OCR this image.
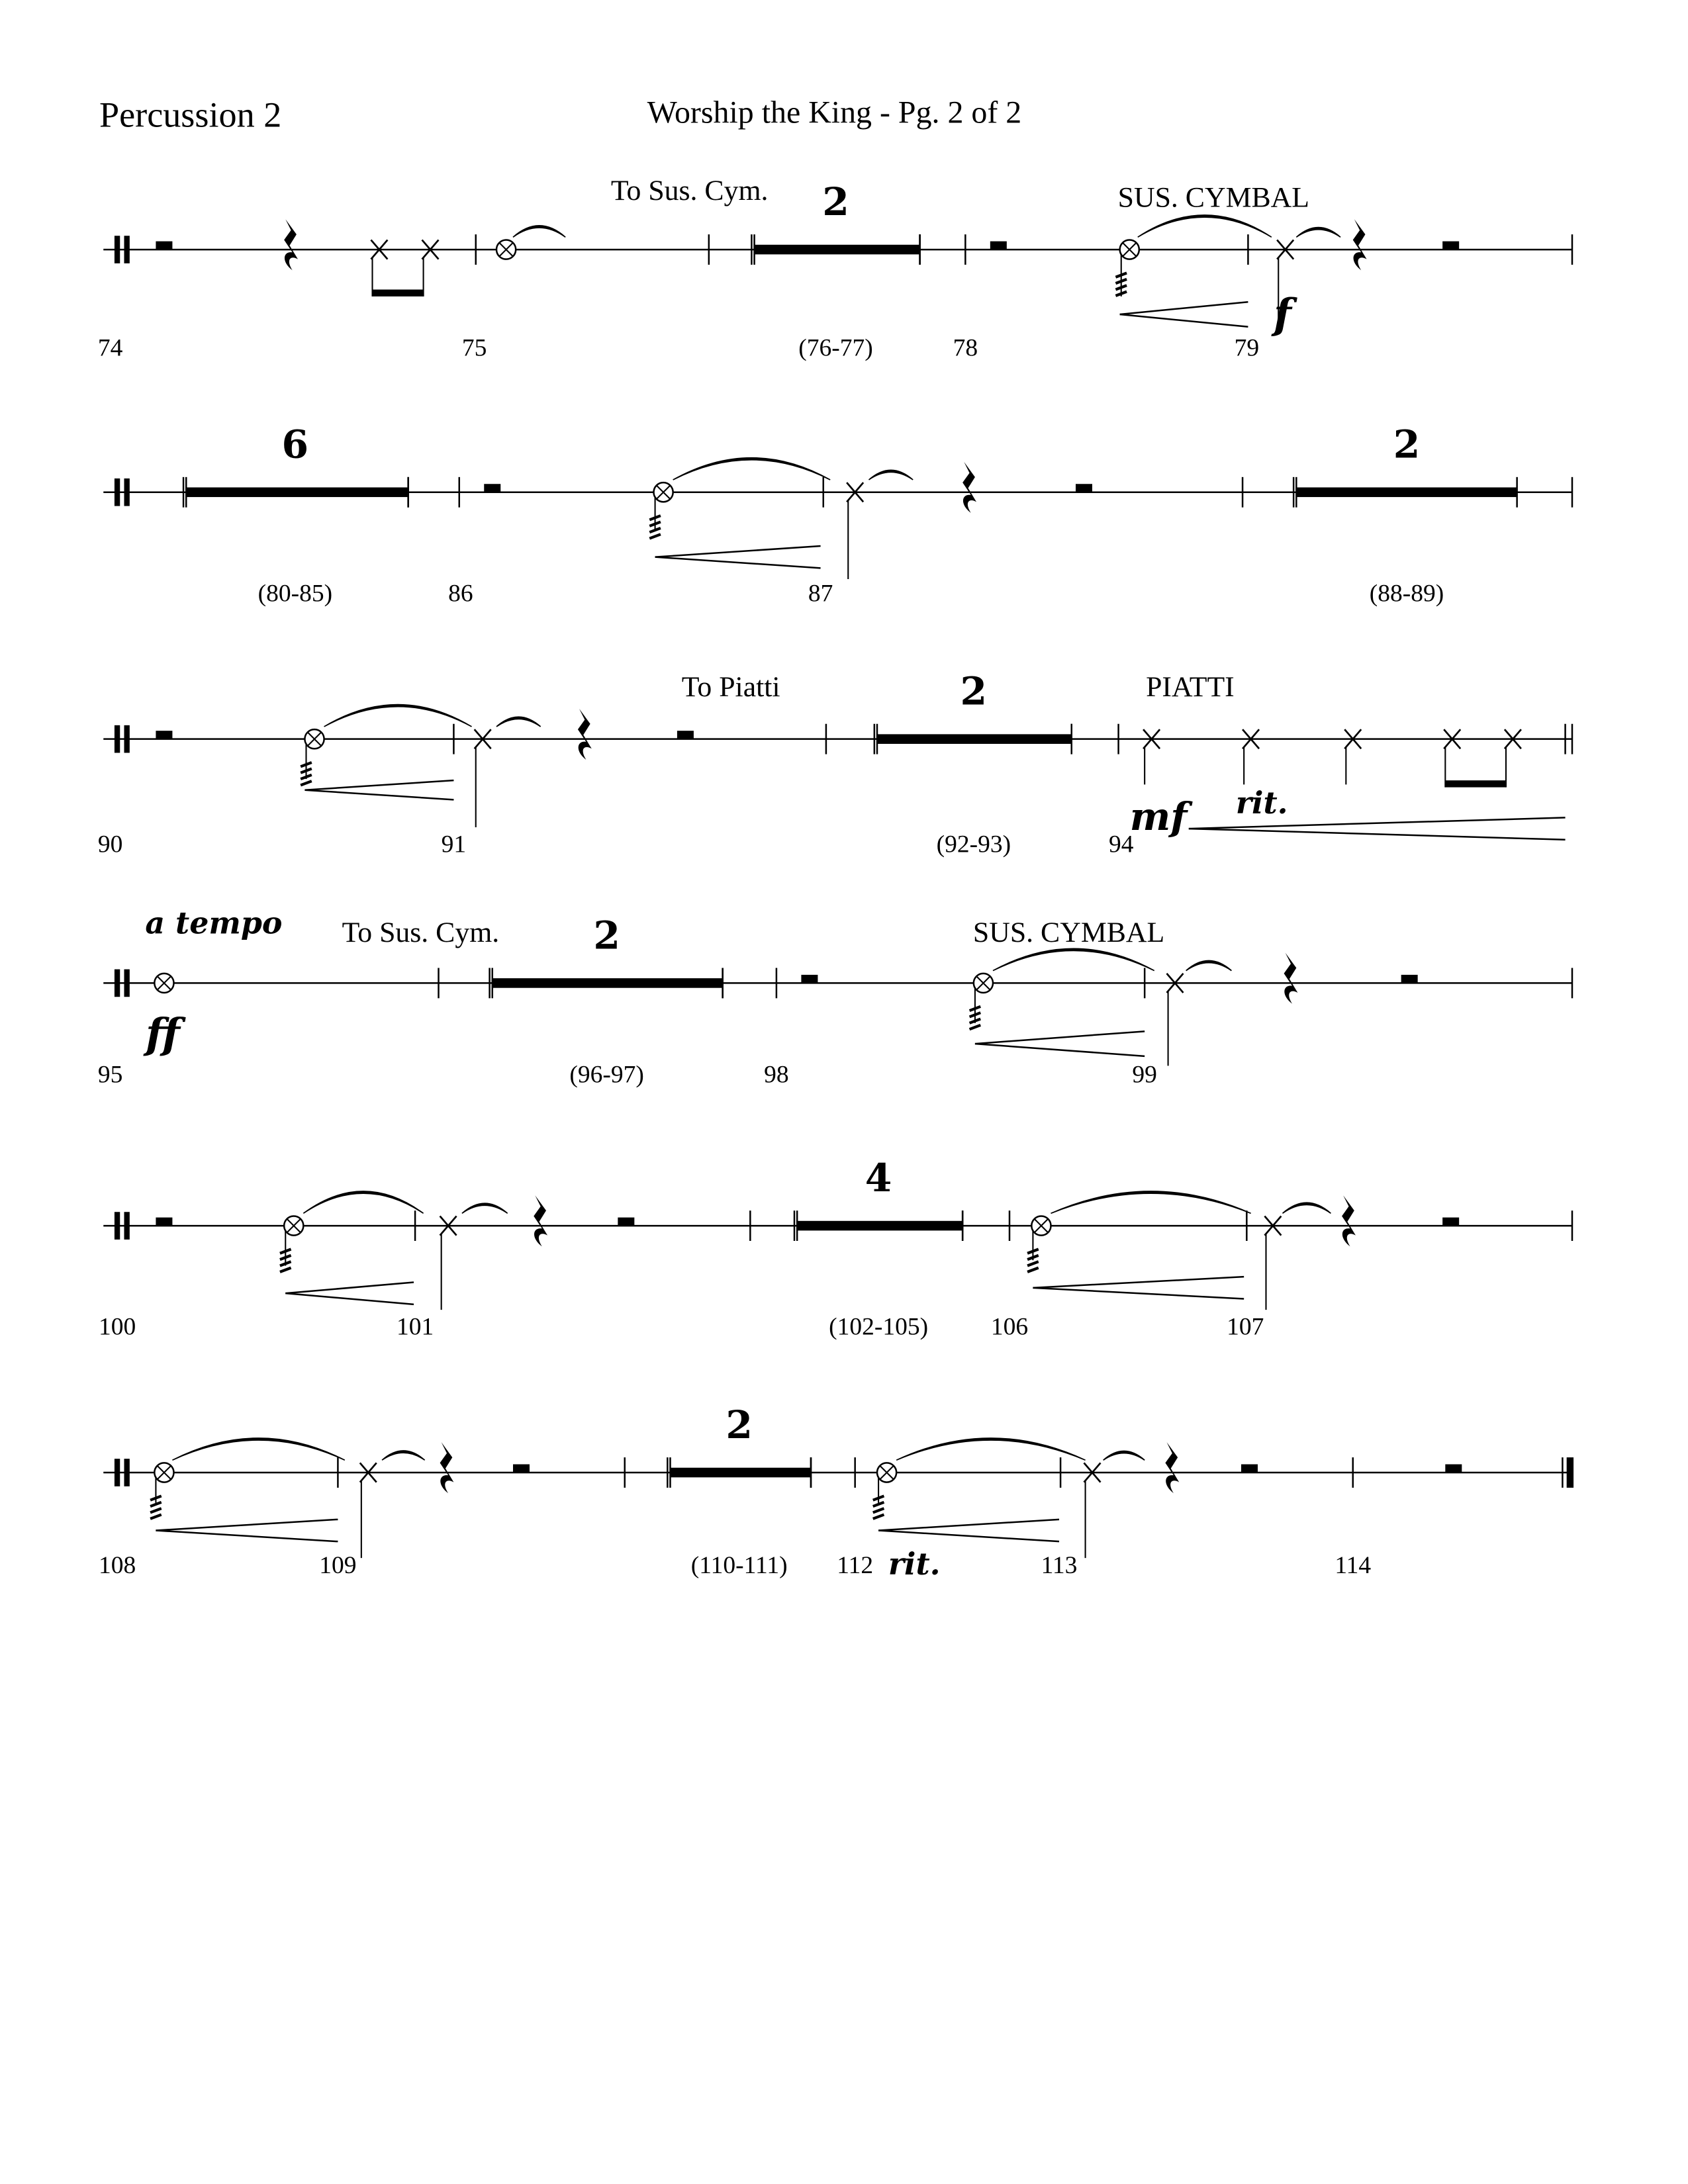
Percussion 2	Worship the King - Pg. 2 of 2
2
74	75	(76-77)	78	79
To Sus. Cym.	SUS. CYMBAL
f
6	2
(80-85)	86	87	(88-89)
2
90	91	(92-93)	94
To Piatti	PIATTI
mf	rit.
2
95	(96-97)	98	99
To Sus. Cym.	SUS. CYMBAL
a tempo
ff
4
100	101	(102-105)	106	107
2
108	109	(110-111)	112	113	114
rit.
